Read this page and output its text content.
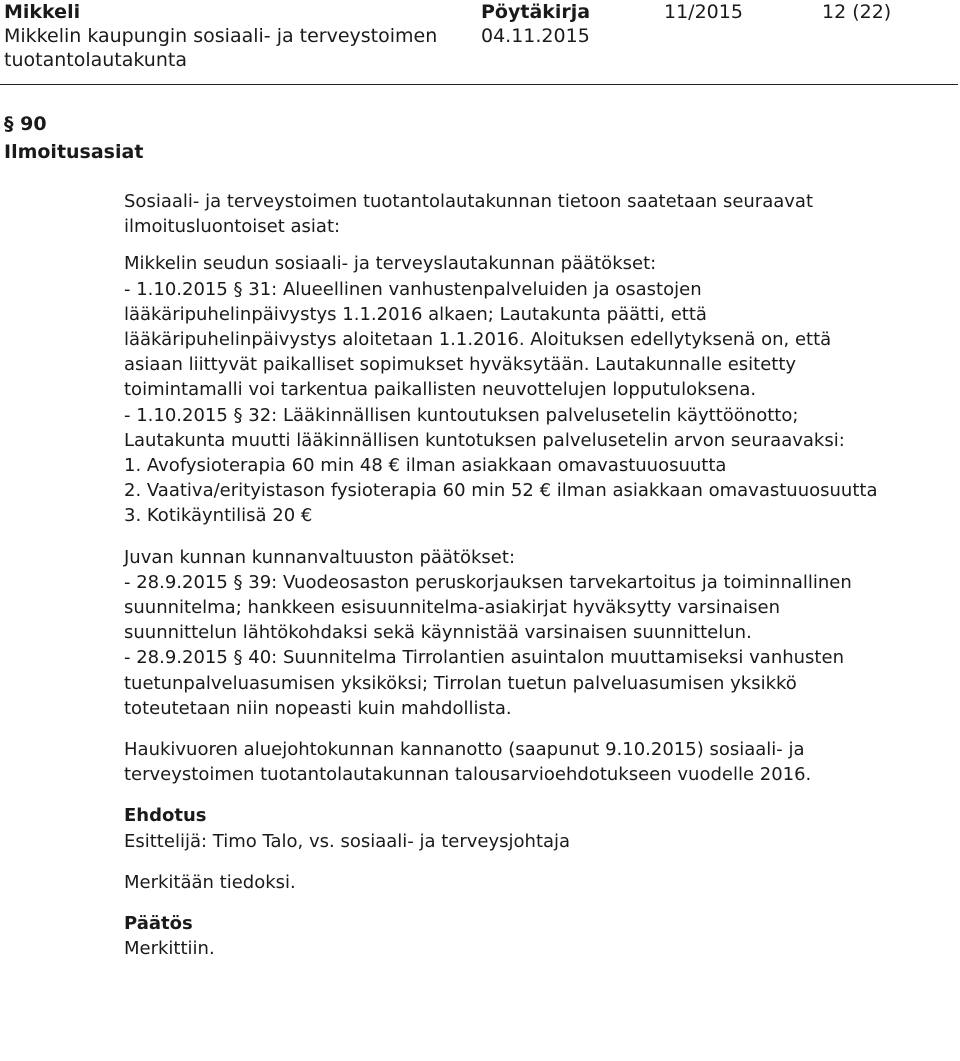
Mikkeli
Mikkelin kaupungin sosiaali- ja terveystoimen
tuotantolautakunta
Pöytäkirja
04.11.2015
11/2015	12 (22)
§ 90
Ilmoitusasiat

Sosiaali- ja terveystoimen tuotantolautakunnan tietoon saatetaan seuraavat ilmoitusluontoiset asiat:

Mikkelin seudun sosiaali- ja terveyslautakunnan päätökset:

- 1.10.2015 § 31: Alueellinen vanhustenpalveluiden ja osastojen lääkäripuhelinpäivystys 1.1.2016 alkaen; Lautakunta päätti, että lääkäripuhelinpäivystys aloitetaan 1.1.2016. Aloituksen edellytyksenä on, että asiaan liittyvät paikalliset sopimukset hyväksytään. Lautakunnalle esitetty toimintamalli voi tarkentua paikallisten neuvottelujen lopputuloksena.

- 1.10.2015 § 32: Lääkinnällisen kuntoutuksen palvelusetelin käyttöönotto; Lautakunta muutti lääkinnällisen kuntotuksen palvelusetelin arvon seuraavaksi:

1. Avofysioterapia 60 min 48 € ilman asiakkaan omavastuuosuutta

2. Vaativa/erityistason fysioterapia 60 min 52 € ilman asiakkaan omavastuuosuutta

3. Kotikäyntilisä 20 €

Juvan kunnan kunnanvaltuuston päätökset:

- 28.9.2015 § 39: Vuodeosaston peruskorjauksen tarvekartoitus ja toiminnallinen suunnitelma; hankkeen esisuunnitelma-asiakirjat hyväksytty varsinaisen suunnittelun lähtökohdaksi sekä käynnistää varsinaisen suunnittelun.

- 28.9.2015 § 40: Suunnitelma Tirrolantien asuintalon muuttamiseksi vanhusten tuetunpalveluasumisen yksiköksi; Tirrolan tuetun palveluasumisen yksikkö toteutetaan niin nopeasti kuin mahdollista.

Haukivuoren aluejohtokunnan kannanotto (saapunut 9.10.2015) sosiaali- ja terveystoimen tuotantolautakunnan talousarvioehdotukseen vuodelle 2016.

Ehdotus

Esittelijä: Timo Talo, vs. sosiaali- ja terveysjohtaja

Merkitään tiedoksi.

Päätös

Merkittiin.
